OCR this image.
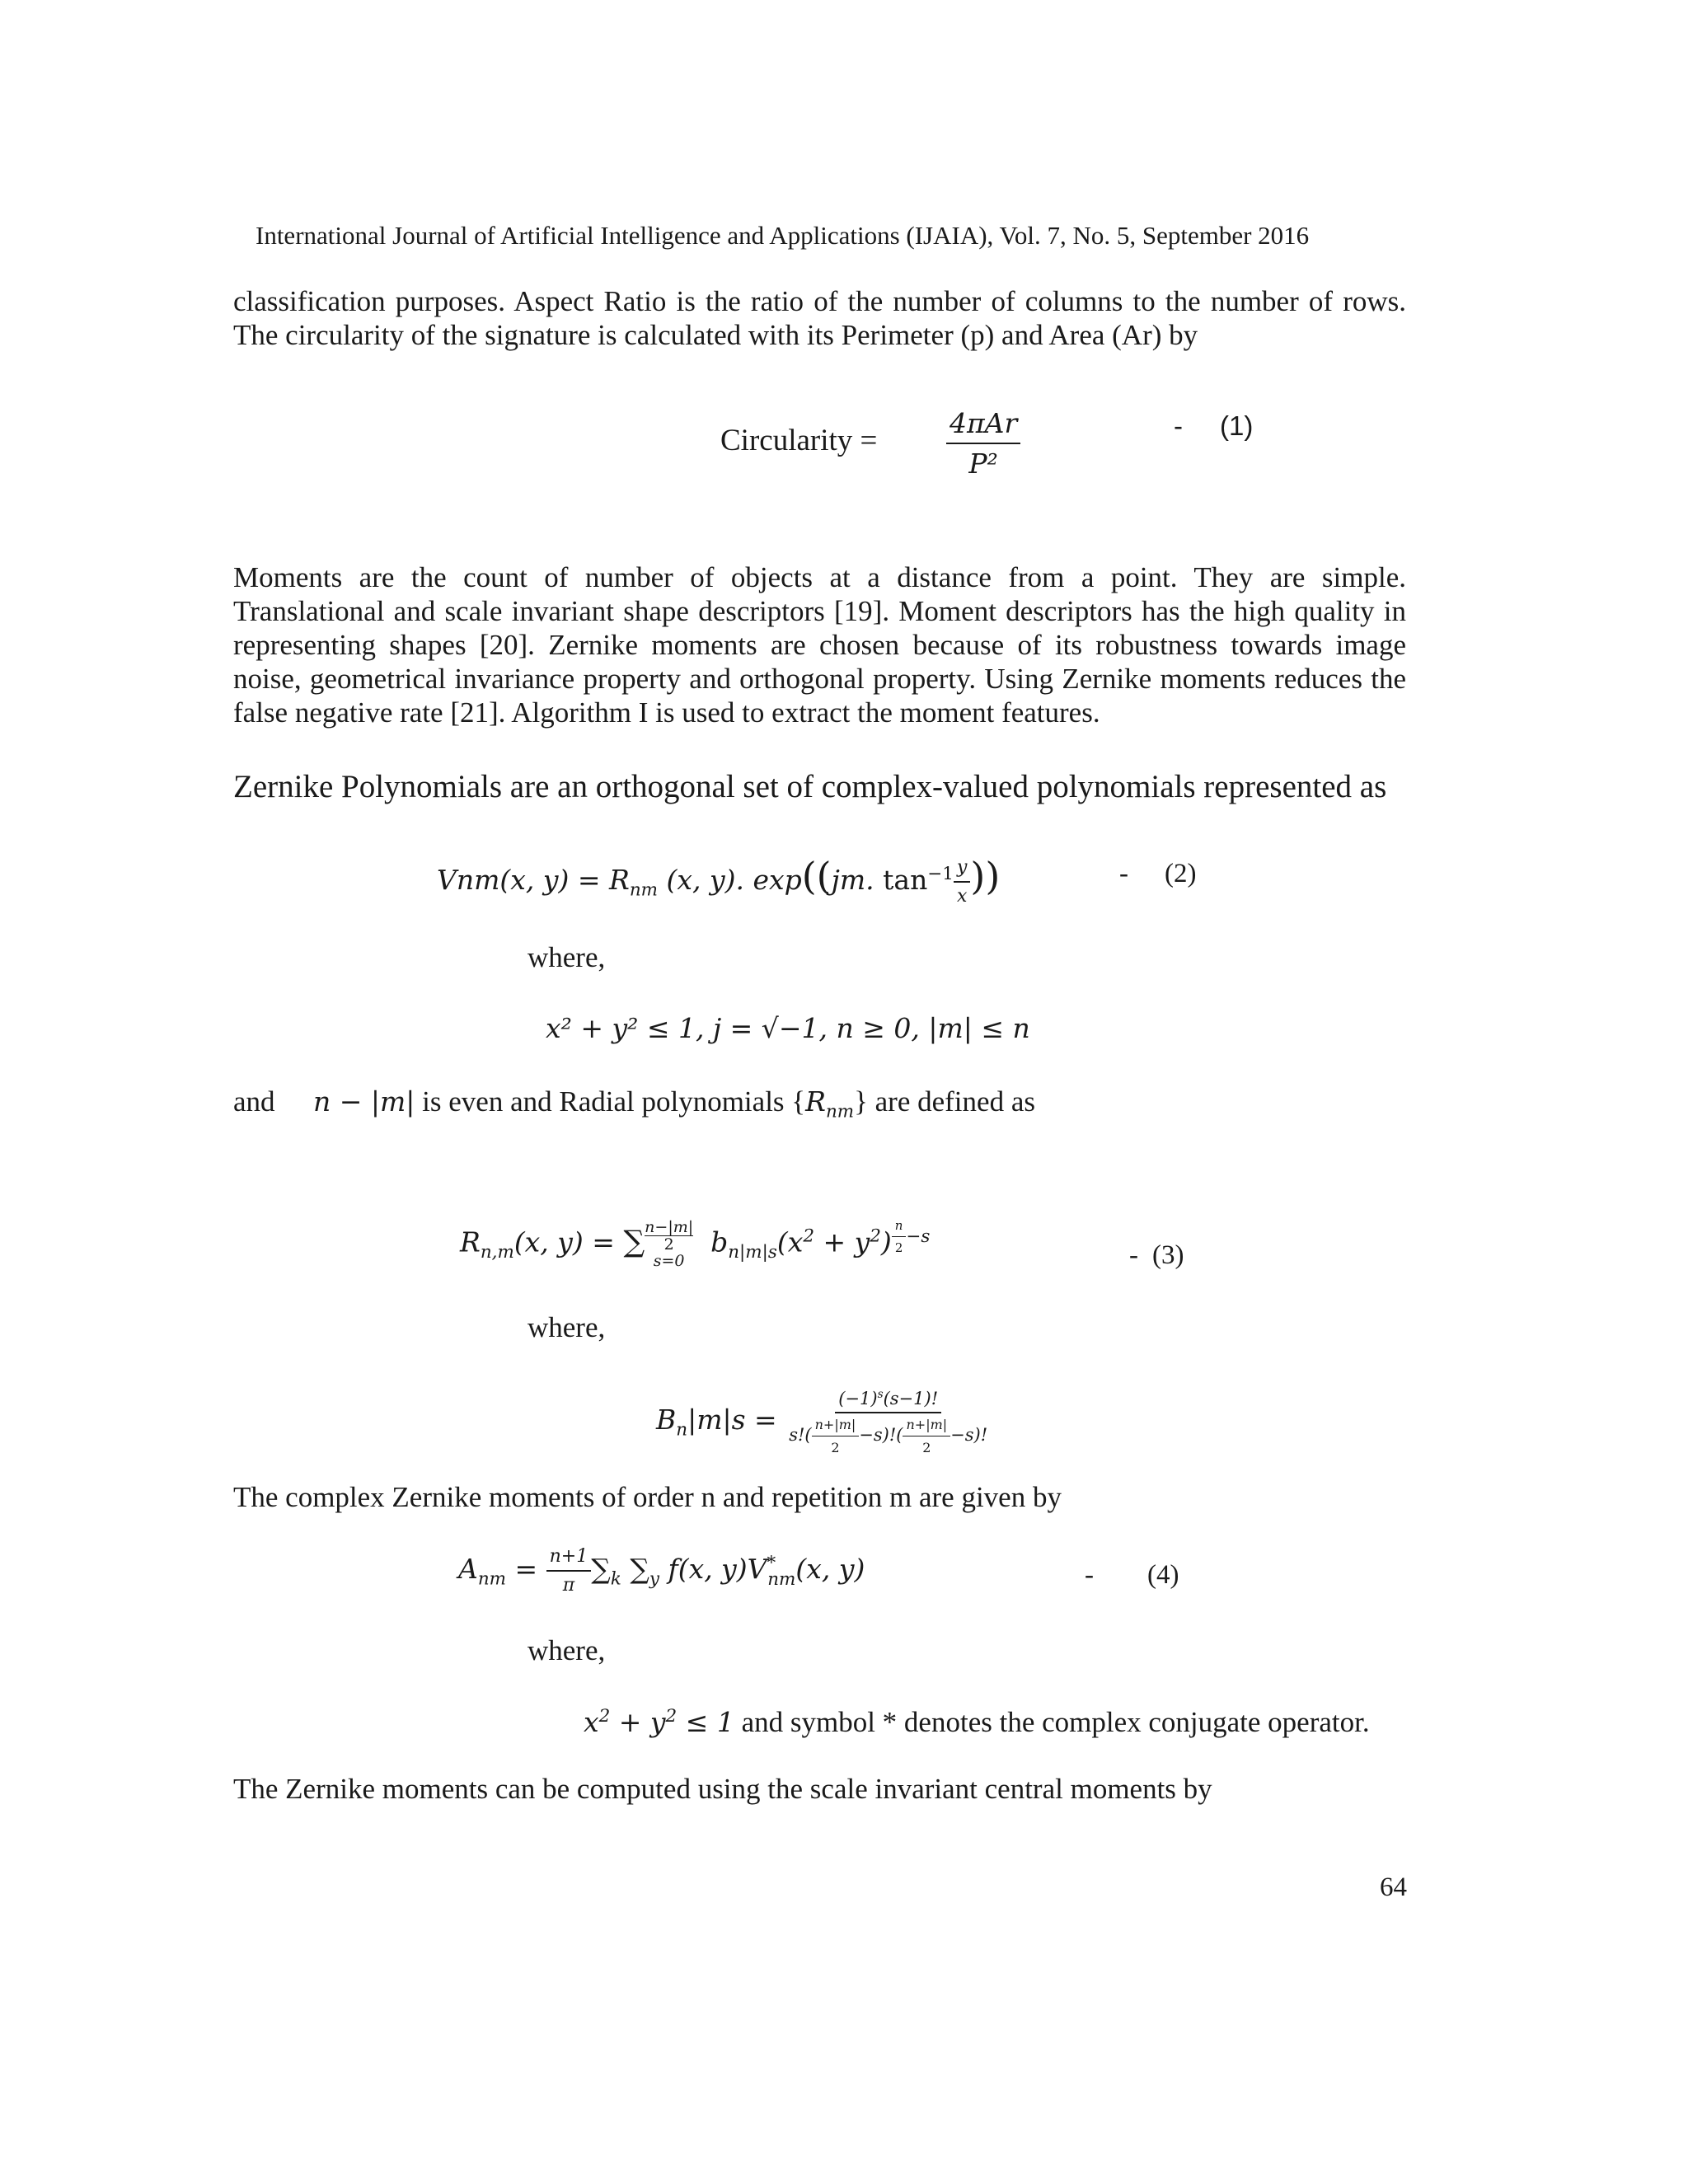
International Journal of Artificial Intelligence and Applications (IJAIA), Vol. 7, No. 5, September 2016
classification purposes. Aspect Ratio is the ratio of the number of columns to the number of rows. The circularity of the signature is calculated with its Perimeter (p) and Area (Ar) by
Circularity =	$\frac{\text{4πAr}}{\text{P²}}$	- (1)
Moments are the count of number of objects at a distance from a point. They are simple. Translational and scale invariant shape descriptors [19]. Moment descriptors has the high quality in representing shapes [20]. Zernike moments are chosen because of its robustness towards image noise, geometrical invariance property and orthogonal property. Using Zernike moments reduces the false negative rate [21]. Algorithm I is used to extract the moment features.
Zernike Polynomials are an orthogonal set of complex-valued polynomials represented as
Vnm(x, $y) = R_{nm}$ (x, y). exp((jm. $\tan^{-1} \frac{y}{x}$ ))	- (2)
where,
x² + y² ≤ 1, j = √−1, n ≥ 0, |m| ≤ n
and n − |m| is even and Radial polynomials $\{R_{nm}\}$ are defined as
$R_{n,m}(x$, y) = ∑ n−|m|
2
s=0
$b_{n|m|s}(x^2 + y^2)$ $^{\frac{n}{2} -s}$
- (3)
where,
$B_n|m|s = \frac{(-1)^s(s-1)!}{s!( \frac{n+|m|}{2} -s)!( \frac{n+|m|}{2} -s)!}$
The complex Zernike moments of order n and repetition m are given by
$A_{nm} = \frac{n+1}{\pi} \sum_k$ $\sum_y$ f(x, $y)V^*_{nm}(x$, y)	- (4)
where,
$x^2 + y^2 \le 1$ and symbol * denotes the complex conjugate operator.
The Zernike moments can be computed using the scale invariant central moments by
64
